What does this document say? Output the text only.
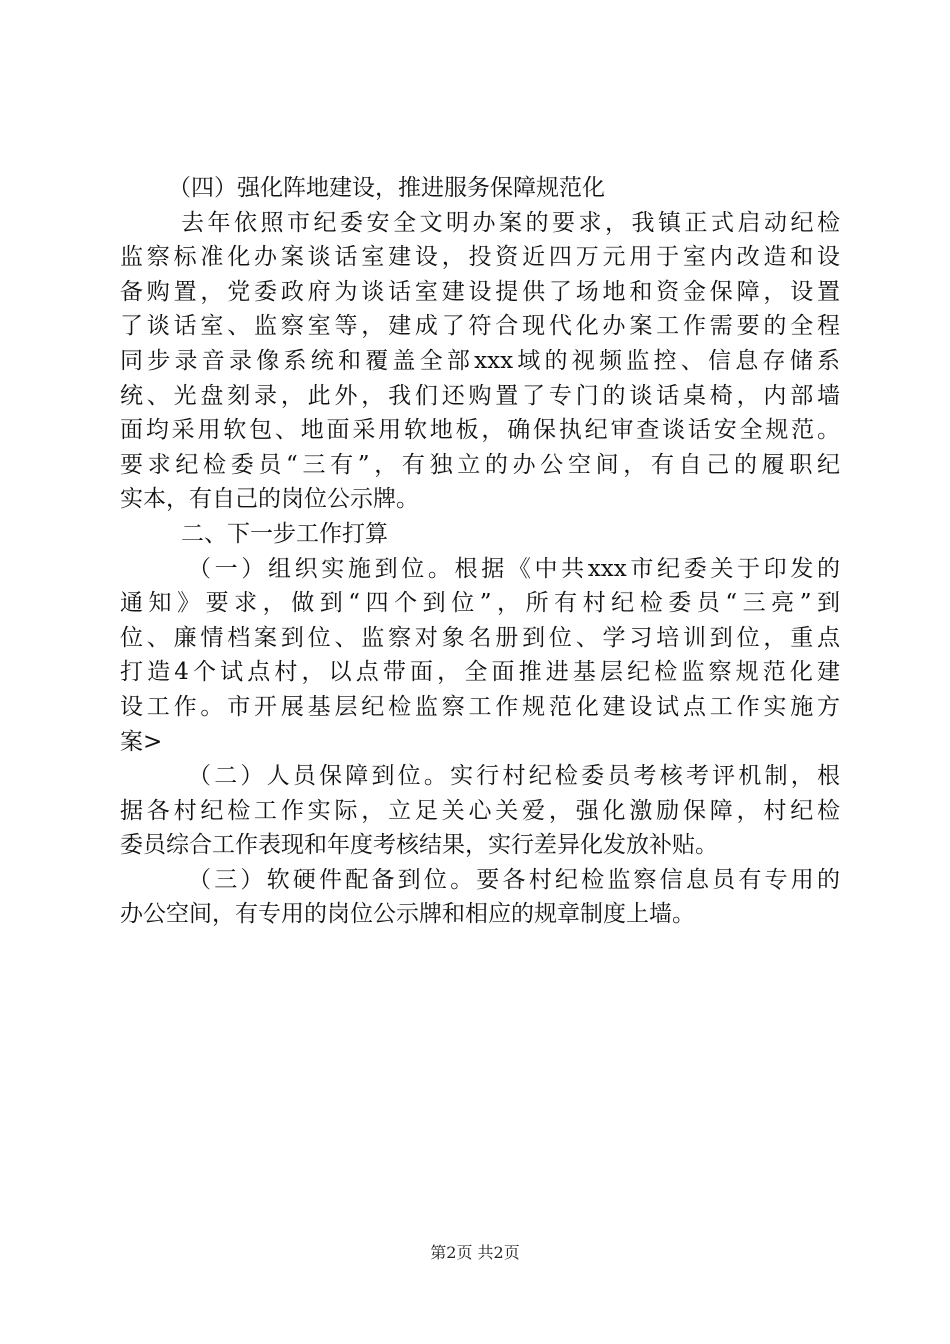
（四）强化阵地建设，推进服务保障规范化
去年依照市纪委安全文明办案的要求，我镇正式启动纪检
监察标准化办案谈话室建设，投资近四万元用于室内改造和设
备购置，党委政府为谈话室建设提供了场地和资金保障，设置
了谈话室、监察室等，建成了符合现代化办案工作需要的全程
同步录音录像系统和覆盖全部xxx域的视频监控、信息存储系
统、光盘刻录，此外，我们还购置了专门的谈话桌椅，内部墙
面均采用软包、地面采用软地板，确保执纪审查谈话安全规范。
要求纪检委员“三有”，有独立的办公空间，有自己的履职纪
实本，有自己的岗位公示牌。
二、下一步工作打算
（一）组织实施到位。根据《中共xxx市纪委关于印发的
通知》要求，做到“四个到位”，所有村纪检委员“三亮”到
位、廉情档案到位、监察对象名册到位、学习培训到位，重点
打造4个试点村，以点带面，全面推进基层纪检监察规范化建
设工作。市开展基层纪检监察工作规范化建设试点工作实施方
案>
（二）人员保障到位。实行村纪检委员考核考评机制，根
据各村纪检工作实际，立足关心关爱，强化激励保障，村纪检
委员综合工作表现和年度考核结果，实行差异化发放补贴。
（三）软硬件配备到位。要各村纪检监察信息员有专用的
办公空间，有专用的岗位公示牌和相应的规章制度上墙。
第2页 共2页
